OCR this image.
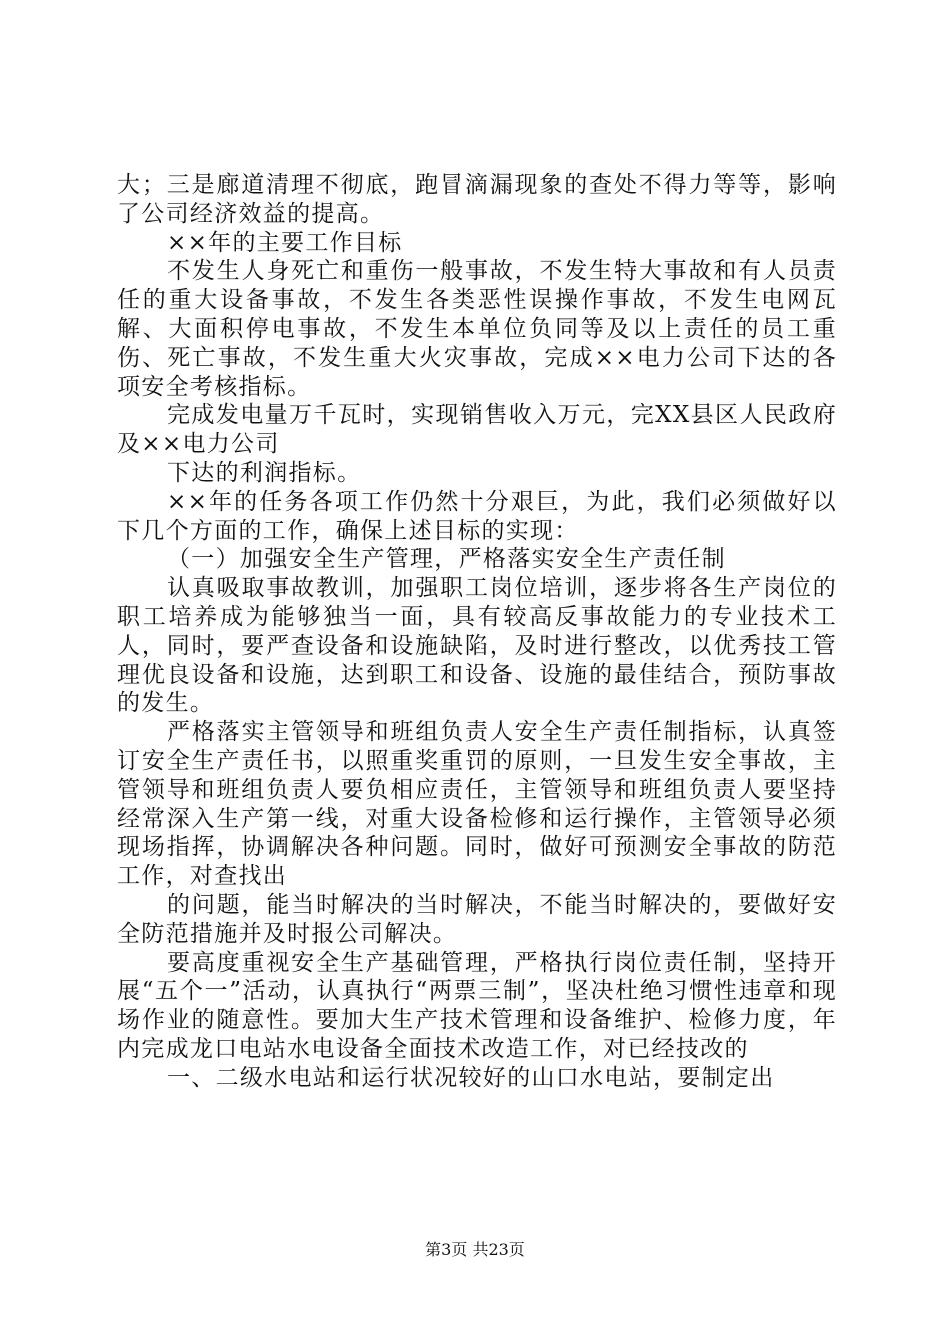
大；三是廊道清理不彻底，跑冒滴漏现象的查处不得力等等，影响了公司经济效益的提高。

××年的主要工作目标

不发生人身死亡和重伤一般事故，不发生特大事故和有人员责任的重大设备事故，不发生各类恶性误操作事故，不发生电网瓦解、大面积停电事故，不发生本单位负同等及以上责任的员工重伤、死亡事故，不发生重大火灾事故，完成××电力公司下达的各项安全考核指标。

完成发电量万千瓦时，实现销售收入万元，完XX县区人民政府及××电力公司

下达的利润指标。

××年的任务各项工作仍然十分艰巨，为此，我们必须做好以下几个方面的工作，确保上述目标的实现：

（一）加强安全生产管理，严格落实安全生产责任制

认真吸取事故教训，加强职工岗位培训，逐步将各生产岗位的职工培养成为能够独当一面，具有较高反事故能力的专业技术工人，同时，要严查设备和设施缺陷，及时进行整改，以优秀技工管理优良设备和设施，达到职工和设备、设施的最佳结合，预防事故的发生。

严格落实主管领导和班组负责人安全生产责任制指标，认真签订安全生产责任书，以照重奖重罚的原则，一旦发生安全事故，主管领导和班组负责人要负相应责任，主管领导和班组负责人要坚持经常深入生产第一线，对重大设备检修和运行操作，主管领导必须现场指挥，协调解决各种问题。同时，做好可预测安全事故的防范工作，对查找出

的问题，能当时解决的当时解决，不能当时解决的，要做好安全防范措施并及时报公司解决。

要高度重视安全生产基础管理，严格执行岗位责任制，坚持开展“五个一”活动，认真执行“两票三制”，坚决杜绝习惯性违章和现场作业的随意性。要加大生产技术管理和设备维护、检修力度，年内完成龙口电站水电设备全面技术改造工作，对已经技改的

一、二级水电站和运行状况较好的山口水电站，要制定出

第3页 共23页
